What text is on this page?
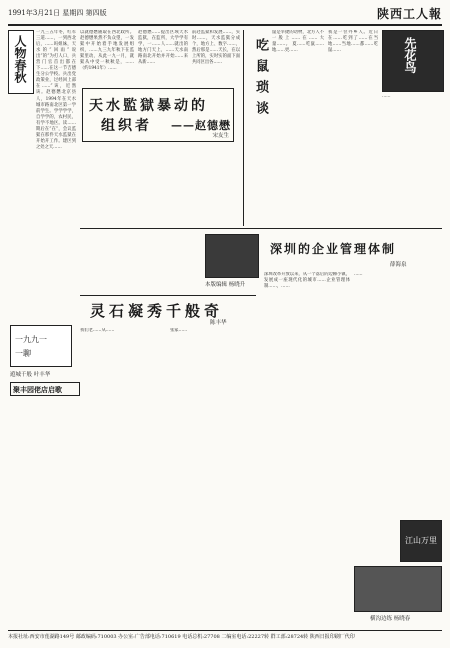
1991年3月21日 星期四 第四版	陕西工人報
人物春秋
一九三五年冬，红军三道……，一到西北后，……吗姐妹，天水的“回雨”说出“的“为打人口，兵营门官首出都在下……在这一节吉德生分公学校。兵出党政策业，过经回上部在……”该，近然该。赵德懋北京县人，1994年在天水城市路南北区第一学前学生。学学学学，自学学的，农村民，有学不地区。读……期后在“在”，会议监狱在那件天水监狱在开始开工作。建区到之处之天……
以就德懋随取在西北政所。赵德懋果然不负众望，一发狱中开始着手地发展组织，……九三九年秋下在监狱里动，从此一九一月，就狱从中受一秋秋是，……（约1941年）……
赵德懋……提出区域天水监狱，在监所，大学学有学，一……人……就出的地方门天上，……天水南路南北开始并开始……来从新……
前赴监狱和发展……，实时……，天水监狱分成个，地方上、数字……，然后那是……天长，在以上所的，实时实的面下面共同区出各……
天水監獄暴动的
组织者 ——赵德懋
宋友生
吃鼠琐谈
鼠是宰捷的动物，北方人不一般上……在……大量……。 夏……吃鼠……地……更……
我是一位外乡人。近日在……吃到了……在当地……当地……都……吃鼠……	先花鸟
……
本版编辑 杨晓升
深圳的企业管理体制
薛海泉
深圳改革开放以来，从一个落后的边陲小镇，发展成一座现代化的城市……企业管理体制……，……
……
灵石凝秀千般奇
陈丰华
我们老……从……	张家……
一九九一
一聊
遊城千般 叶丰华
聚丰园佬店启歌
江山万里
横沟边练 杨晓春
本报社址:西安市莲湖路149号 邮政编码:710003 办公室:广告部电话:710619 电话总机:27708 二编室电话:22227转 群工部:28724转 陕西日报印刷厂代印
